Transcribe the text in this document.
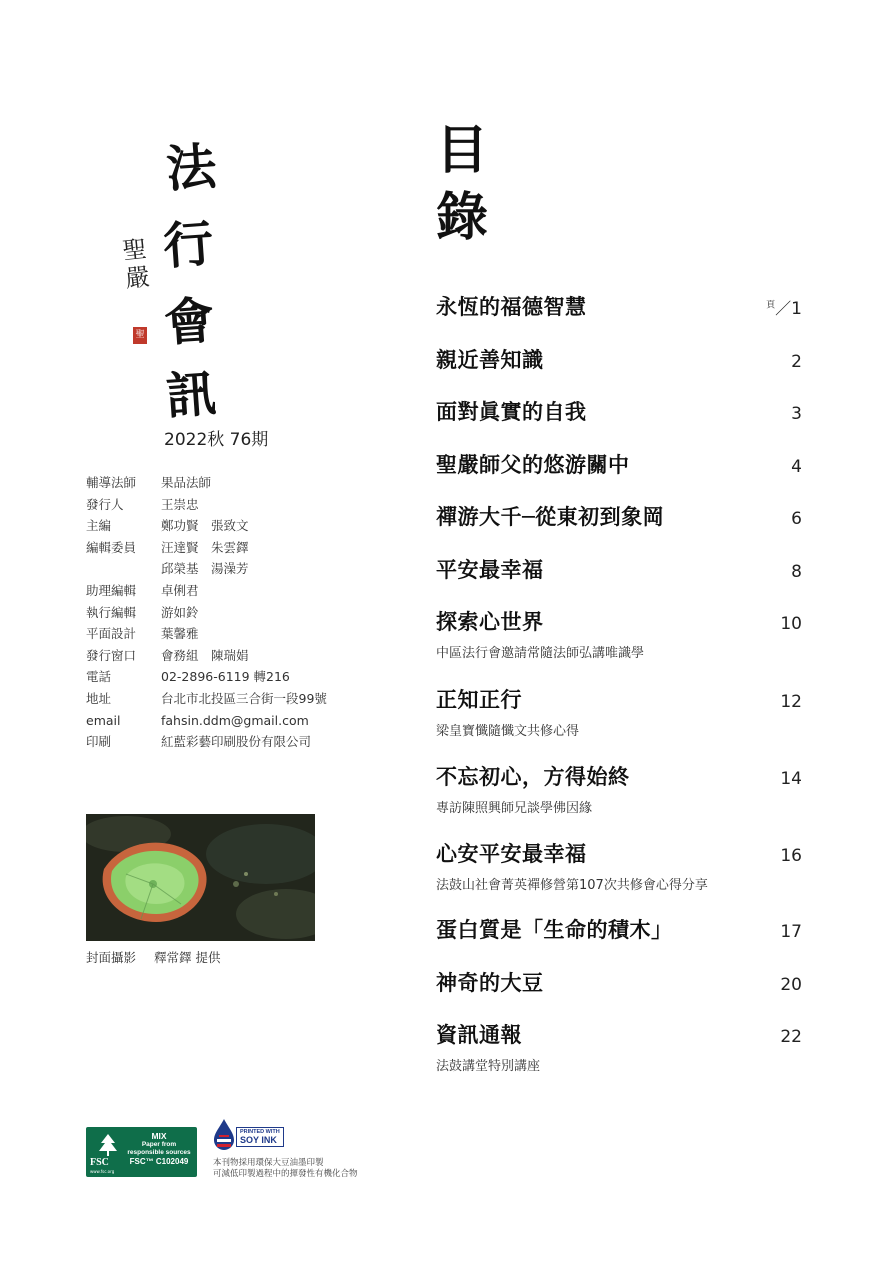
法
行
會
訊
聖嚴
聖
2022秋 76期
輔導法師 果品法師
發行人	王崇忠
主編	鄭功賢　張致文
編輯委員 汪達賢　朱雲鐸
邱榮基　湯澡芳
助理編輯 卓俐君
執行編輯 游如鈴
平面設計 葉馨雅
發行窗口 會務組　陳瑞娟
電話	02-2896-6119 轉216
地址	台北市北投區三合街一段99號
email	fahsin.ddm@gmail.com
印刷	紅藍彩藝印刷股份有限公司
封面攝影 釋常鐸 提供
FSC
www.fsc.org
MIX
Paper from
responsible sources
FSC™ C102049
PRINTED WITH
SOY INK
本刊物採用環保大豆油墨印製
可減低印製過程中的揮發性有機化合物
目
錄
永恆的福德智慧	$^頁$／1
親近善知識	2
面對眞實的自我	3
聖嚴師父的悠游關中	4
禪游大千─從東初到象岡	6
平安最幸福	8
探索心世界	10
中區法行會邀請常隨法師弘講唯識學
正知正行	12
梁皇寶懺隨懺文共修心得
不忘初心，方得始終	14
專訪陳照興師兄談學佛因緣
心安平安最幸福	16
法鼓山社會菁英禪修營第107次共修會心得分享
蛋白質是「生命的積木」	17
神奇的大豆	20
資訊通報	22
法鼓講堂特別講座
